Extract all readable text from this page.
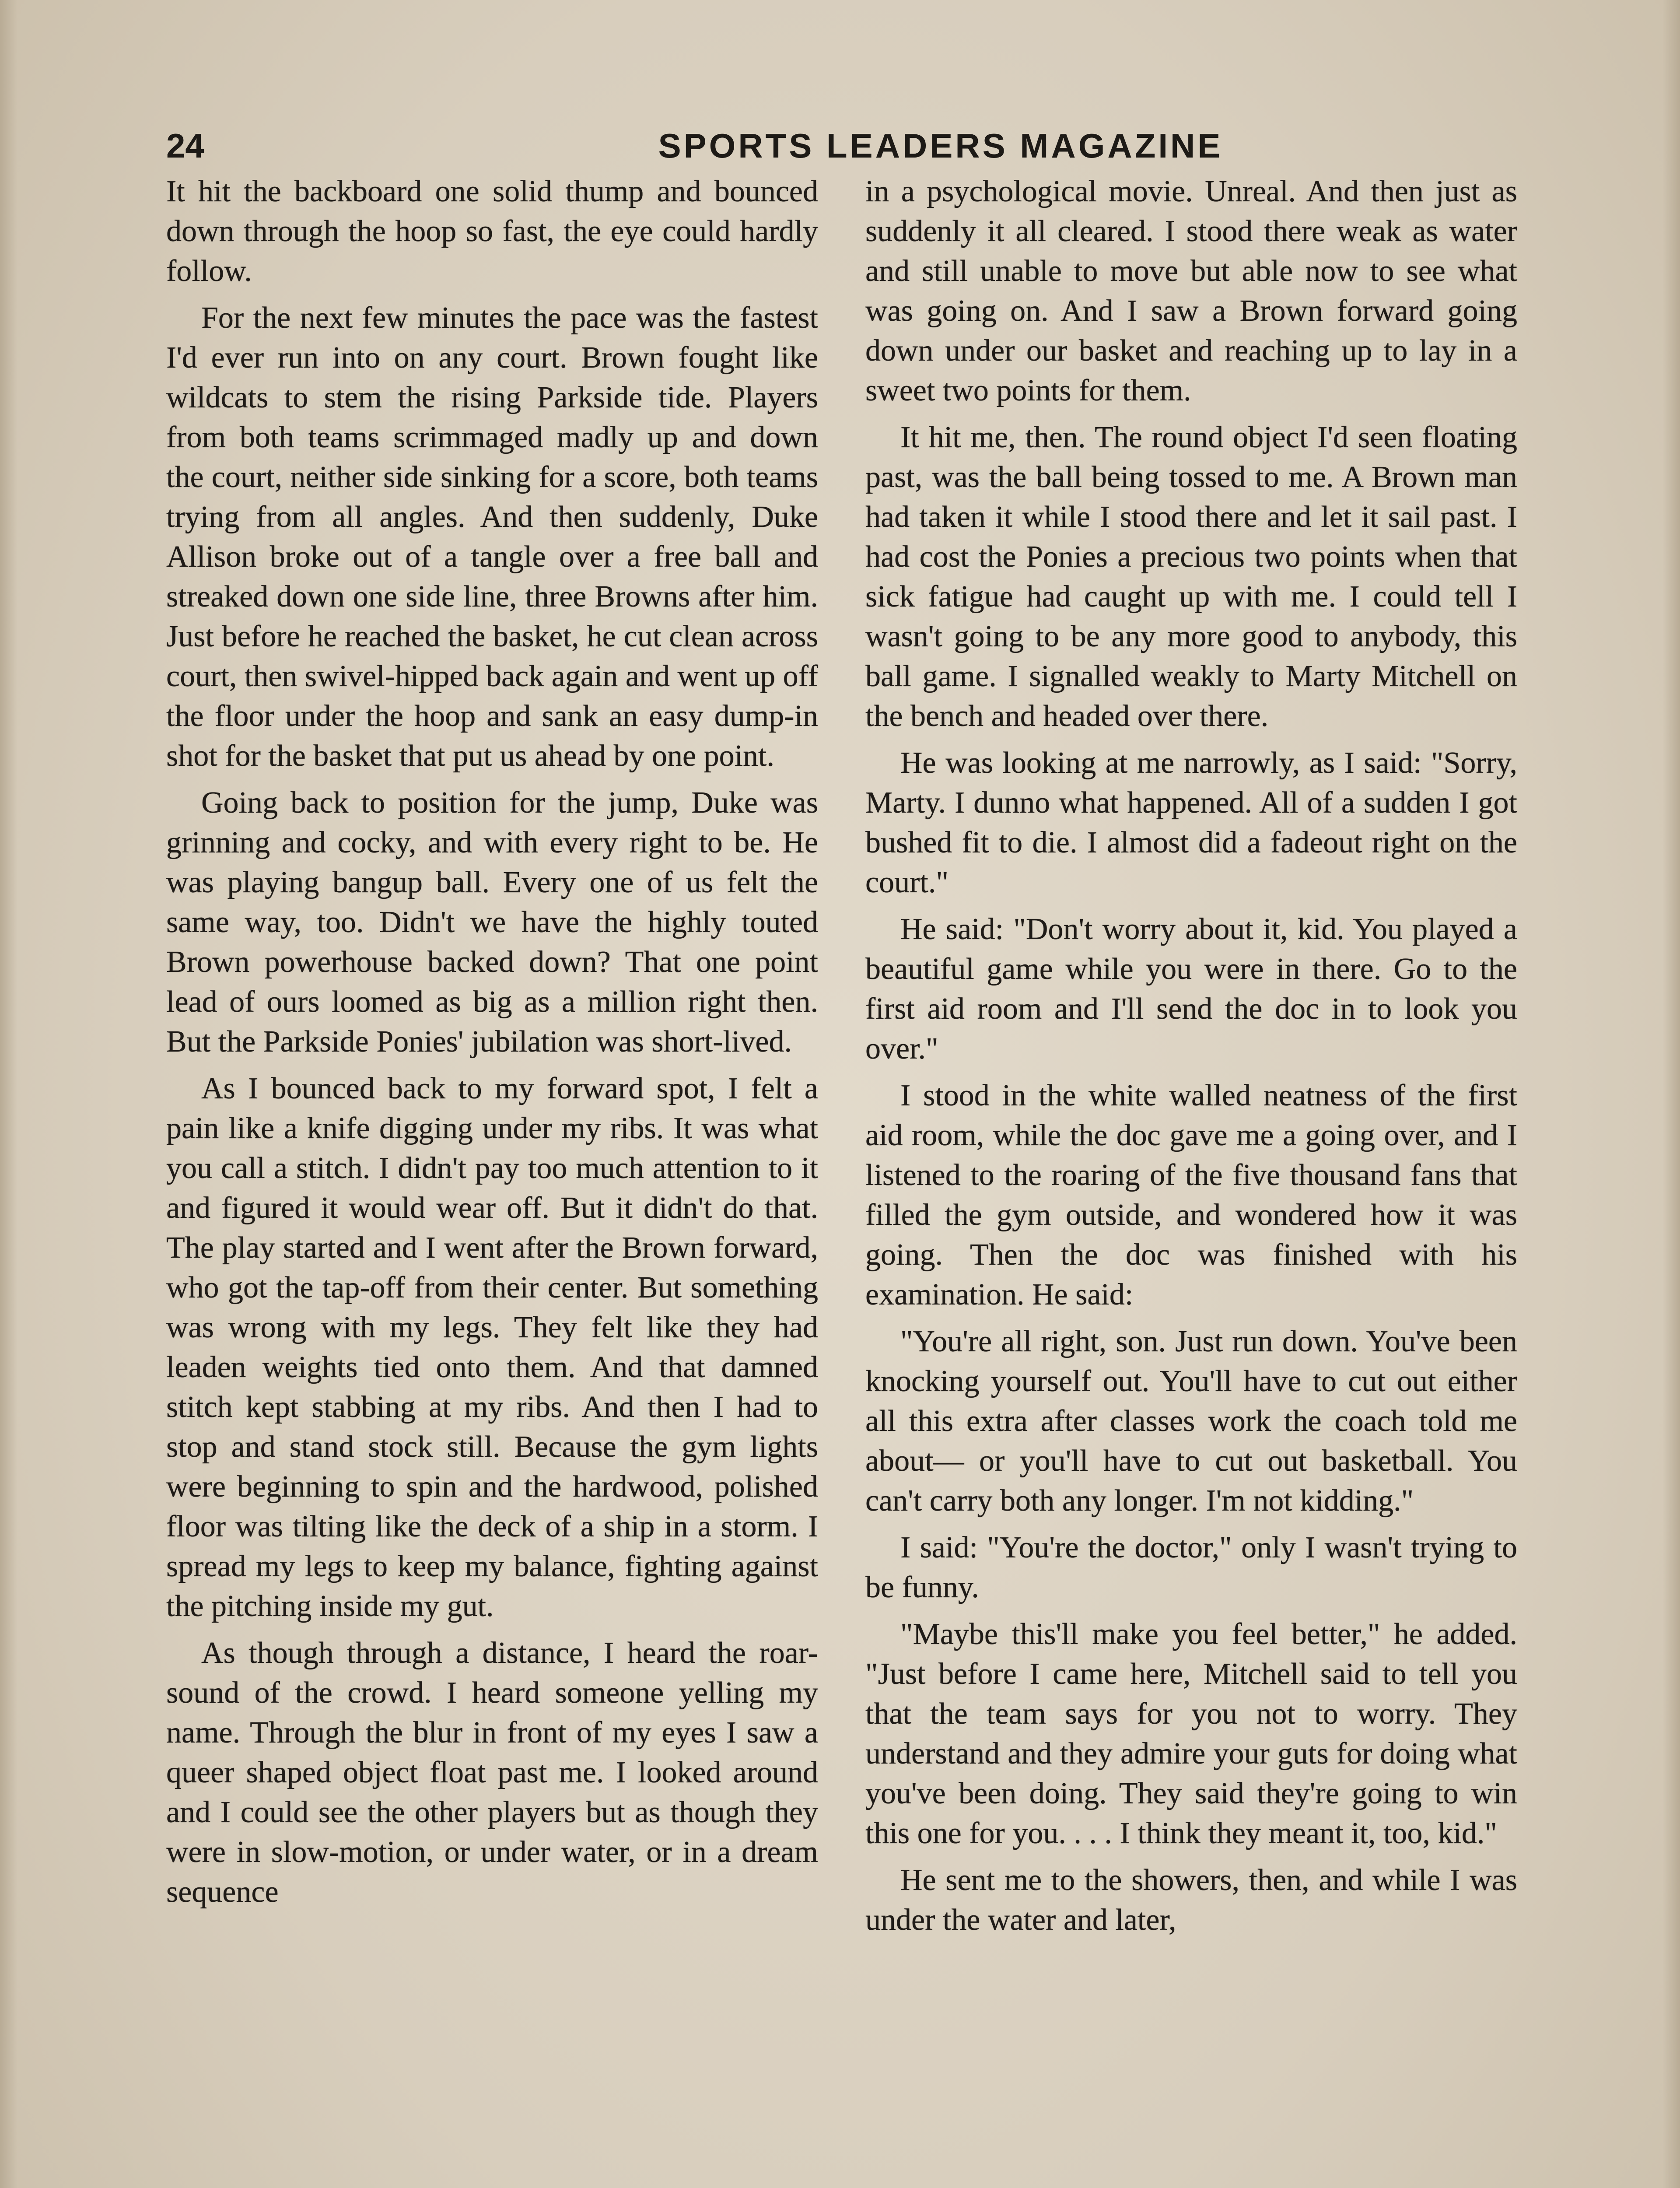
24	SPORTS LEADERS MAGAZINE

It hit the backboard one solid thump and bounced down through the hoop so fast, the eye could hardly follow.

For the next few minutes the pace was the fastest I'd ever run into on any court. Brown fought like wildcats to stem the rising Parkside tide. Players from both teams scrimmaged madly up and down the court, neither side sinking for a score, both teams trying from all angles. And then suddenly, Duke Allison broke out of a tangle over a free ball and streaked down one side line, three Browns after him. Just before he reached the basket, he cut clean across court, then swivel-hipped back again and went up off the floor under the hoop and sank an easy dump-in shot for the basket that put us ahead by one point.

Going back to position for the jump, Duke was grinning and cocky, and with every right to be. He was playing bangup ball. Every one of us felt the same way, too. Didn't we have the highly touted Brown powerhouse backed down? That one point lead of ours loomed as big as a million right then. But the Parkside Ponies' jubilation was short-lived.

As I bounced back to my forward spot, I felt a pain like a knife digging under my ribs. It was what you call a stitch. I didn't pay too much attention to it and figured it would wear off. But it didn't do that. The play started and I went after the Brown forward, who got the tap-off from their center. But something was wrong with my legs. They felt like they had leaden weights tied onto them. And that damned stitch kept stabbing at my ribs. And then I had to stop and stand stock still. Because the gym lights were beginning to spin and the hardwood, polished floor was tilting like the deck of a ship in a storm. I spread my legs to keep my balance, fighting against the pitching inside my gut.

As though through a distance, I heard the roar-sound of the crowd. I heard someone yelling my name. Through the blur in front of my eyes I saw a queer shaped object float past me. I looked around and I could see the other players but as though they were in slow-motion, or under water, or in a dream sequence

in a psychological movie. Unreal. And then just as suddenly it all cleared. I stood there weak as water and still unable to move but able now to see what was going on. And I saw a Brown forward going down under our basket and reaching up to lay in a sweet two points for them.

It hit me, then. The round object I'd seen floating past, was the ball being tossed to me. A Brown man had taken it while I stood there and let it sail past. I had cost the Ponies a precious two points when that sick fatigue had caught up with me. I could tell I wasn't going to be any more good to anybody, this ball game. I signalled weakly to Marty Mitchell on the bench and headed over there.

He was looking at me narrowly, as I said: "Sorry, Marty. I dunno what happened. All of a sudden I got bushed fit to die. I almost did a fadeout right on the court."

He said: "Don't worry about it, kid. You played a beautiful game while you were in there. Go to the first aid room and I'll send the doc in to look you over."

I stood in the white walled neatness of the first aid room, while the doc gave me a going over, and I listened to the roaring of the five thousand fans that filled the gym outside, and wondered how it was going. Then the doc was finished with his examination. He said:

"You're all right, son. Just run down. You've been knocking yourself out. You'll have to cut out either all this extra after classes work the coach told me about— or you'll have to cut out basketball. You can't carry both any longer. I'm not kidding."

I said: "You're the doctor," only I wasn't trying to be funny.

"Maybe this'll make you feel better," he added. "Just before I came here, Mitchell said to tell you that the team says for you not to worry. They understand and they admire your guts for doing what you've been doing. They said they're going to win this one for you. . . . I think they meant it, too, kid."

He sent me to the showers, then, and while I was under the water and later,
